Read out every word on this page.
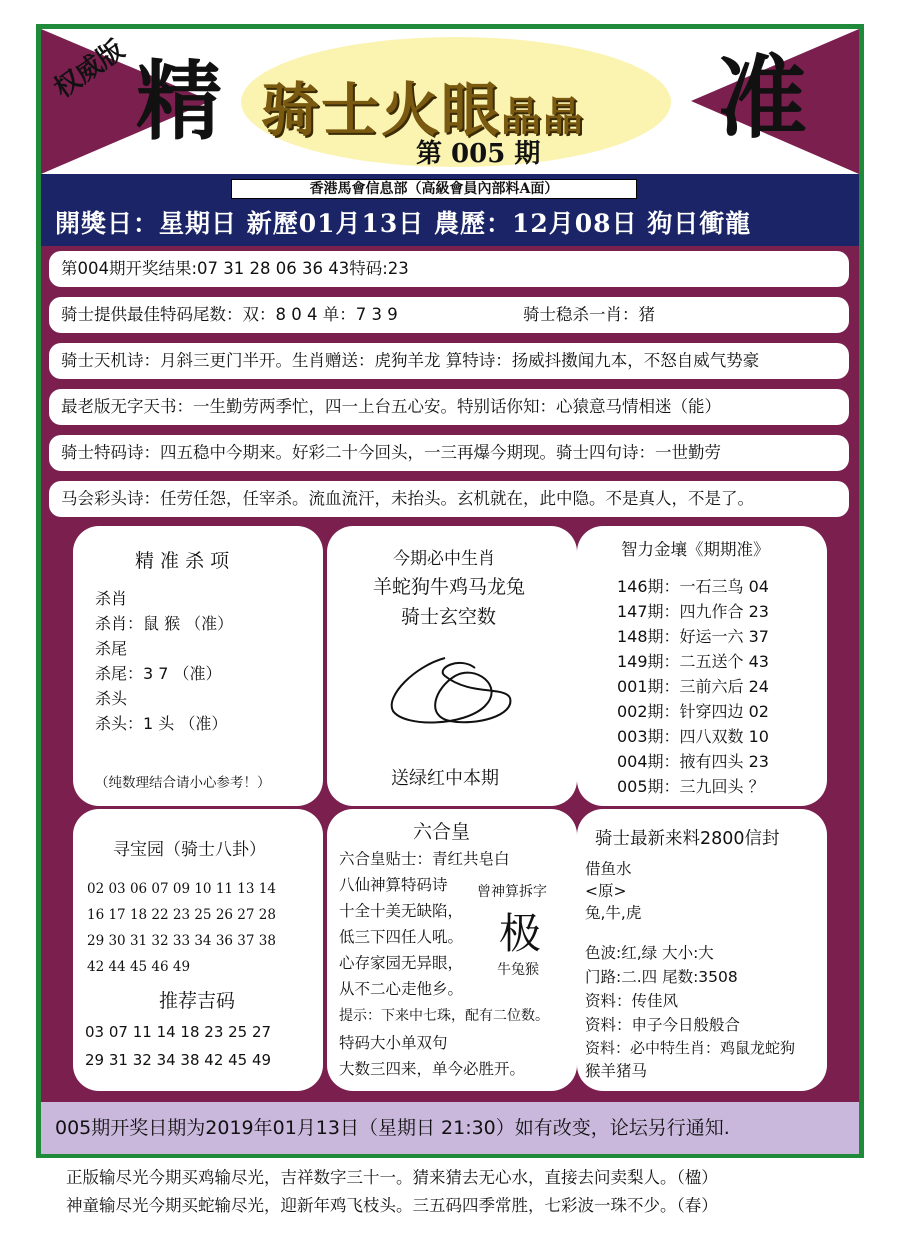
权威版 精 骑士火眼晶晶
第 005 期
准
香港馬會信息部（高級會員內部料A面）
開獎日：星期日 新歷01月13日 農歷：12月08日 狗日衝龍
第004期开奖结果:07 31 28 06 36 43特码:23
骑士提供最佳特码尾数：双：8 0 4 单：7 3 9	骑士稳杀一肖：猪
骑士天机诗：月斜三更门半开。生肖赠送：虎狗羊龙 算特诗：扬威抖擞闻九本，不怒自威气势豪
最老版无字天书：一生勤劳两季忙，四一上台五心安。特别话你知：心猿意马情相迷（能）
骑士特码诗：四五稳中今期来。好彩二十今回头，一三再爆今期现。骑士四句诗：一世勤劳
马会彩头诗：任劳任怨，任宰杀。流血流汗，未抬头。玄机就在，此中隐。不是真人，不是了。
精 准 杀 项
杀肖
杀肖：鼠 猴 （准）
杀尾
杀尾：3 7 （准）
杀头
杀头：1 头 （准）
（纯数理结合请小心参考！）
今期必中生肖
羊蛇狗牛鸡马龙兔
骑士玄空数
送绿红中本期
智力金壤《期期准》
146期：一石三鸟 04
147期：四九作合 23
148期：好运一六 37
149期：二五送个 43
001期：三前六后 24
002期：针穿四边 02
003期：四八双数 10
004期：掖有四头 23
005期：三九回头 ？
寻宝园（骑士八卦）
02 03 06 07 09 10 11 13 14
16 17 18 22 23 25 26 27 28
29 30 31 32 33 34 36 37 38
42 44 45 46 49
推荐吉码
03 07 11 14 18 23 25 27
29 31 32 34 38 42 45 49
六合皇
六合皇贴士：青红共皂白
八仙神算特码诗
十全十美无缺陷，
低三下四任人吼。
心存家园无异眼，
从不二心走他乡。
提示：下来中七珠，配有二位数。
特码大小单双句
大数三四来，单今必胜开。
曾神算拆字
极
牛兔猴
骑士最新来料2800信封
借鱼水
<原>
兔,牛,虎
色波:红,绿 大小:大
门路:二.四 尾数:3508
资料：传佳风
资料：申子今日般般合
资料：必中特生肖：鸡鼠龙蛇狗
猴羊猪马
005期开奖日期为2019年01月13日（星期日 21:30）如有改变，论坛另行通知.
正版输尽光今期买鸡输尽光，吉祥数字三十一。猜来猜去无心水，直接去问卖梨人。（楹）
神童输尽光今期买蛇输尽光，迎新年鸡飞枝头。三五码四季常胜，七彩波一珠不少。（春）
